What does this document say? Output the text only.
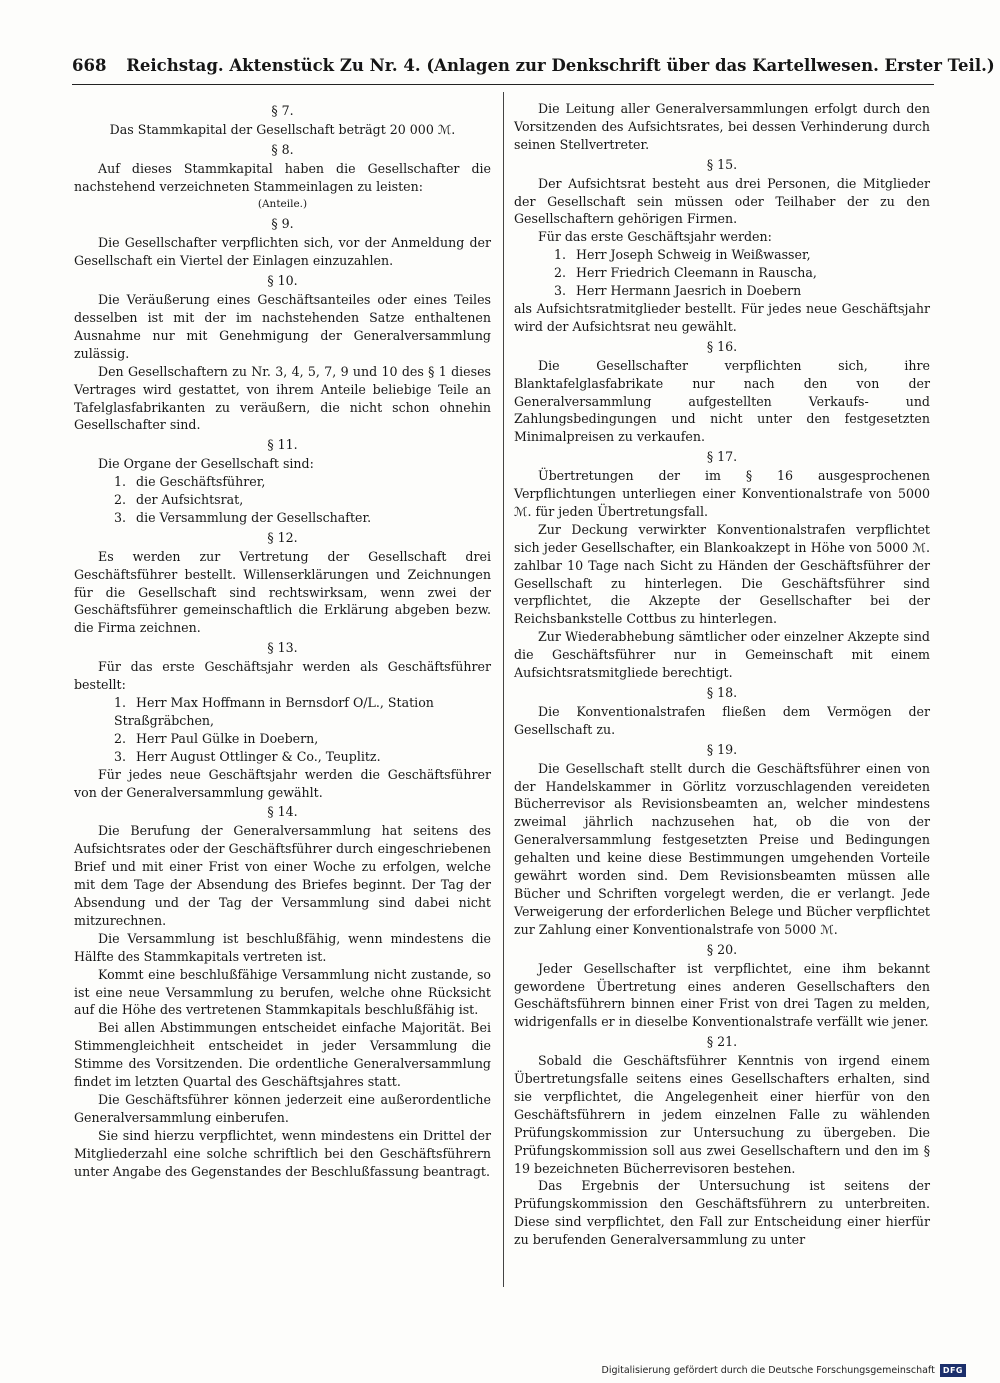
668 Reichstag. Aktenstück Zu Nr. 4. (Anlagen zur Denkschrift über das Kartellwesen. Erster Teil.)
§ 7.

Das Stammkapital der Gesellschaft beträgt 20 000 ℳ.

§ 8.

Auf dieses Stammkapital haben die Gesellschafter die nachstehend verzeichneten Stammeinlagen zu leisten:

(Anteile.)

§ 9.

Die Gesellschafter verpflichten sich, vor der Anmeldung der Gesellschaft ein Viertel der Einlagen einzuzahlen.

§ 10.

Die Veräußerung eines Geschäftsanteiles oder eines Teiles desselben ist mit der im nachstehenden Satze enthaltenen Ausnahme nur mit Genehmigung der Generalversammlung zulässig.

Den Gesellschaftern zu Nr. 3, 4, 5, 7, 9 und 10 des § 1 dieses Vertrages wird gestattet, von ihrem Anteile beliebige Teile an Tafelglasfabrikanten zu veräußern, die nicht schon ohnehin Gesellschafter sind.

§ 11.

Die Organe der Gesellschaft sind:

1. die Geschäftsführer,
2. der Aufsichtsrat,
3. die Versammlung der Gesellschafter.
§ 12.

Es werden zur Vertretung der Gesellschaft drei Geschäftsführer bestellt. Willenserklärungen und Zeichnungen für die Gesellschaft sind rechtswirksam, wenn zwei der Geschäftsführer gemeinschaftlich die Erklärung abgeben bezw. die Firma zeichnen.

§ 13.

Für das erste Geschäftsjahr werden als Geschäftsführer bestellt:

1. Herr Max Hoffmann in Bernsdorf O/L., Station Straßgräbchen,
2. Herr Paul Gülke in Doebern,
3. Herr August Ottlinger & Co., Teuplitz.

Für jedes neue Geschäftsjahr werden die Geschäftsführer von der Generalversammlung gewählt.

§ 14.

Die Berufung der Generalversammlung hat seitens des Aufsichtsrates oder der Geschäftsführer durch eingeschriebenen Brief und mit einer Frist von einer Woche zu erfolgen, welche mit dem Tage der Absendung des Briefes beginnt. Der Tag der Absendung und der Tag der Versammlung sind dabei nicht mitzurechnen.

Die Versammlung ist beschlußfähig, wenn mindestens die Hälfte des Stammkapitals vertreten ist.

Kommt eine beschlußfähige Versammlung nicht zustande, so ist eine neue Versammlung zu berufen, welche ohne Rücksicht auf die Höhe des vertretenen Stammkapitals beschlußfähig ist.

Bei allen Abstimmungen entscheidet einfache Majorität. Bei Stimmengleichheit entscheidet in jeder Versammlung die Stimme des Vorsitzenden. Die ordentliche Generalversammlung findet im letzten Quartal des Geschäftsjahres statt.

Die Geschäftsführer können jederzeit eine außerordentliche Generalversammlung einberufen.

Sie sind hierzu verpflichtet, wenn mindestens ein Drittel der Mitgliederzahl eine solche schriftlich bei den Geschäftsführern unter Angabe des Gegenstandes der Beschlußfassung beantragt.

Die Leitung aller Generalversammlungen erfolgt durch den Vorsitzenden des Aufsichtsrates, bei dessen Verhinderung durch seinen Stellvertreter.

§ 15.

Der Aufsichtsrat besteht aus drei Personen, die Mitglieder der Gesellschaft sein müssen oder Teilhaber der zu den Gesellschaftern gehörigen Firmen.

Für das erste Geschäftsjahr werden:

1. Herr Joseph Schweig in Weißwasser,
2. Herr Friedrich Cleemann in Rauscha,
3. Herr Hermann Jaesrich in Doebern

als Aufsichtsratmitglieder bestellt. Für jedes neue Geschäftsjahr wird der Aufsichtsrat neu gewählt.

§ 16.

Die Gesellschafter verpflichten sich, ihre Blanktafelglasfabrikate nur nach den von der Generalversammlung aufgestellten Verkaufs- und Zahlungsbedingungen und nicht unter den festgesetzten Minimalpreisen zu verkaufen.

§ 17.

Übertretungen der im § 16 ausgesprochenen Verpflichtungen unterliegen einer Konventionalstrafe von 5000 ℳ. für jeden Übertretungsfall.

Zur Deckung verwirkter Konventionalstrafen verpflichtet sich jeder Gesellschafter, ein Blankoakzept in Höhe von 5000 ℳ. zahlbar 10 Tage nach Sicht zu Händen der Geschäftsführer der Gesellschaft zu hinterlegen. Die Geschäftsführer sind verpflichtet, die Akzepte der Gesellschafter bei der Reichsbankstelle Cottbus zu hinterlegen.

Zur Wiederabhebung sämtlicher oder einzelner Akzepte sind die Geschäftsführer nur in Gemeinschaft mit einem Aufsichtsratsmitgliede berechtigt.

§ 18.

Die Konventionalstrafen fließen dem Vermögen der Gesellschaft zu.

§ 19.

Die Gesellschaft stellt durch die Geschäftsführer einen von der Handelskammer in Görlitz vorzuschlagenden vereideten Bücherrevisor als Revisionsbeamten an, welcher mindestens zweimal jährlich nachzusehen hat, ob die von der Generalversammlung festgesetzten Preise und Bedingungen gehalten und keine diese Bestimmungen umgehenden Vorteile gewährt worden sind. Dem Revisionsbeamten müssen alle Bücher und Schriften vorgelegt werden, die er verlangt. Jede Verweigerung der erforderlichen Belege und Bücher verpflichtet zur Zahlung einer Konventionalstrafe von 5000 ℳ.

§ 20.

Jeder Gesellschafter ist verpflichtet, eine ihm bekannt gewordene Übertretung eines anderen Gesellschafters den Geschäftsführern binnen einer Frist von drei Tagen zu melden, widrigenfalls er in dieselbe Konventionalstrafe verfällt wie jener.

§ 21.

Sobald die Geschäftsführer Kenntnis von irgend einem Übertretungsfalle seitens eines Gesellschafters erhalten, sind sie verpflichtet, die Angelegenheit einer hierfür von den Geschäftsführern in jedem einzelnen Falle zu wählenden Prüfungskommission zur Untersuchung zu übergeben. Die Prüfungskommission soll aus zwei Gesellschaftern und den im § 19 bezeichneten Bücherrevisoren bestehen.

Das Ergebnis der Untersuchung ist seitens der Prüfungskommission den Geschäftsführern zu unterbreiten. Diese sind verpflichtet, den Fall zur Entscheidung einer hierfür zu berufenden Generalversammlung zu unter

Digitalisierung gefördert durch die Deutsche Forschungsgemeinschaft	DFG
